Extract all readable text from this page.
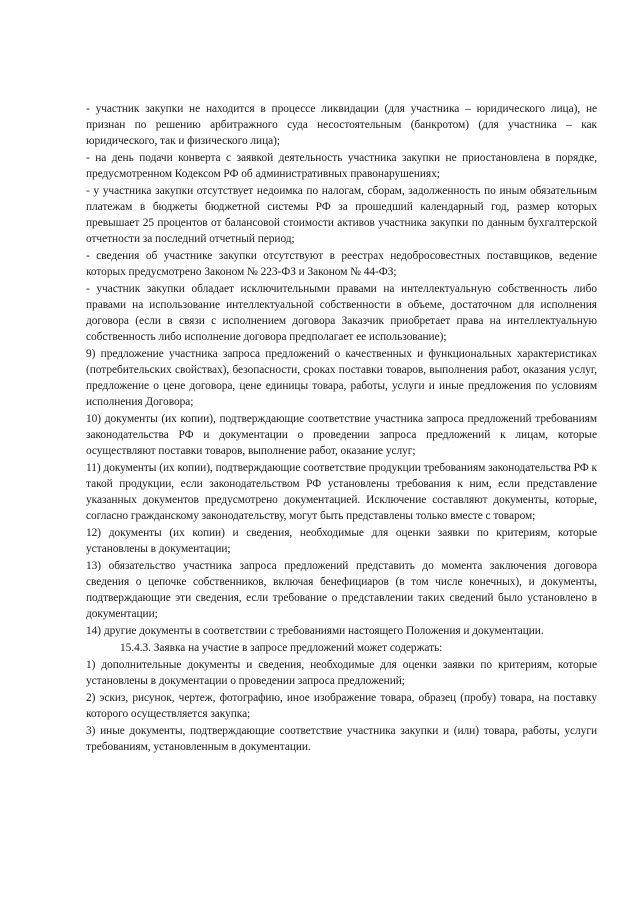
- участник закупки не находится в процессе ликвидации (для участника – юридического лица), не признан по решению арбитражного суда несостоятельным (банкротом) (для участника – как юридического, так и физического лица);

- на день подачи конверта с заявкой деятельность участника закупки не приостановлена в порядке, предусмотренном Кодексом РФ об административных правонарушениях;

- у участника закупки отсутствует недоимка по налогам, сборам, задолженность по иным обязательным платежам в бюджеты бюджетной системы РФ за прошедший календарный год, размер которых превышает 25 процентов от балансовой стоимости активов участника закупки по данным бухгалтерской отчетности за последний отчетный период;

- сведения об участнике закупки отсутствуют в реестрах недобросовестных поставщиков, ведение которых предусмотрено Законом № 223-ФЗ и Законом № 44-ФЗ;

- участник закупки обладает исключительными правами на интеллектуальную собственность либо правами на использование интеллектуальной собственности в объеме, достаточном для исполнения договора (если в связи с исполнением договора Заказчик приобретает права на интеллектуальную собственность либо исполнение договора предполагает ее использование);

9) предложение участника запроса предложений о качественных и функциональных характеристиках (потребительских свойствах), безопасности, сроках поставки товаров, выполнения работ, оказания услуг, предложение о цене договора, цене единицы товара, работы, услуги и иные предложения по условиям исполнения Договора;

10) документы (их копии), подтверждающие соответствие участника запроса предложений требованиям законодательства РФ и документации о проведении запроса предложений к лицам, которые осуществляют поставки товаров, выполнение работ, оказание услуг;

11) документы (их копии), подтверждающие соответствие продукции требованиям законодательства РФ к такой продукции, если законодательством РФ установлены требования к ним, если представление указанных документов предусмотрено документацией. Исключение составляют документы, которые, согласно гражданскому законодательству, могут быть представлены только вместе с товаром;

12) документы (их копии) и сведения, необходимые для оценки заявки по критериям, которые установлены в документации;

13) обязательство участника запроса предложений представить до момента заключения договора сведения о цепочке собственников, включая бенефициаров (в том числе конечных), и документы, подтверждающие эти сведения, если требование о представлении таких сведений было установлено в документации;

14) другие документы в соответствии с требованиями настоящего Положения и документации.

15.4.3. Заявка на участие в запросе предложений может содержать:

1) дополнительные документы и сведения, необходимые для оценки заявки по критериям, которые установлены в документации о проведении запроса предложений;

2) эскиз, рисунок, чертеж, фотографию, иное изображение товара, образец (пробу) товара, на поставку которого осуществляется закупка;

3) иные документы, подтверждающие соответствие участника закупки и (или) товара, работы, услуги требованиям, установленным в документации.
